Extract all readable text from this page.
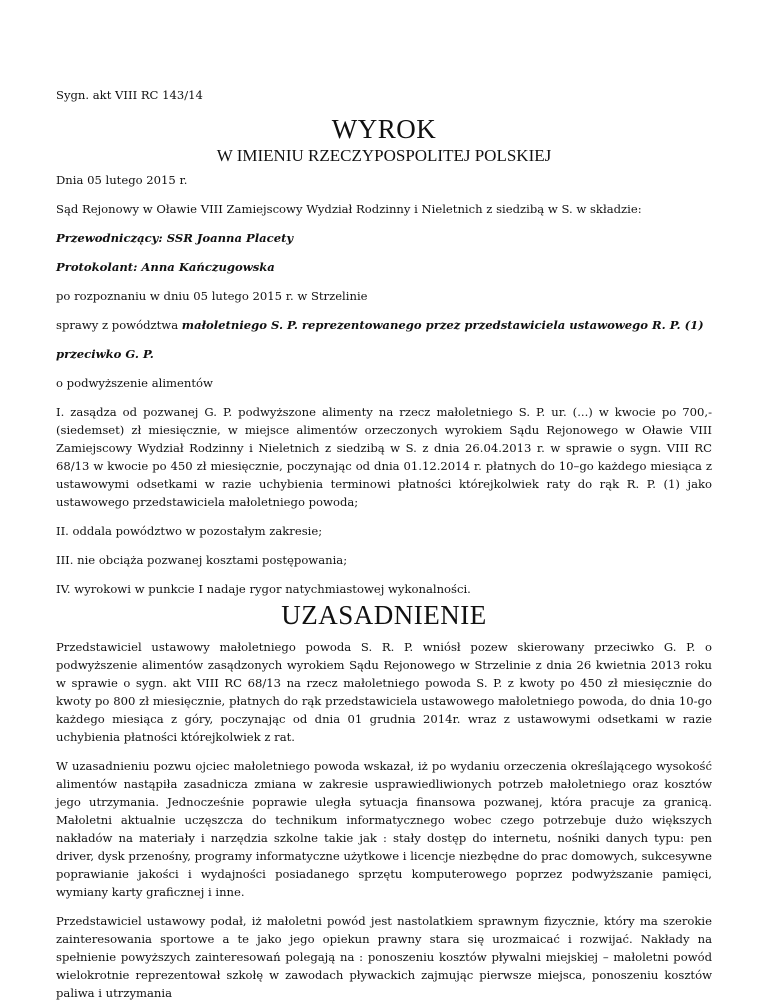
Sygn. akt VIII RC 143/14

WYROK
W IMIENIU RZECZYPOSPOLITEJ POLSKIEJ

Dnia 05 lutego 2015 r.

Sąd Rejonowy w Oławie VIII Zamiejscowy Wydział Rodzinny i Nieletnich z siedzibą w S. w składzie:

Przewodniczący: SSR Joanna Placety

Protokolant: Anna Kańczugowska

po rozpoznaniu w dniu 05 lutego 2015 r. w Strzelinie

sprawy z powództwa małoletniego S. P. reprezentowanego przez przedstawiciela ustawowego R. P. (1)

przeciwko G. P.

o podwyższenie alimentów

I. zasądza od pozwanej G. P. podwyższone alimenty na rzecz małoletniego S. P. ur. (...) w kwocie po 700,- (siedemset) zł miesięcznie, w miejsce alimentów orzeczonych wyrokiem Sądu Rejonowego w Oławie VIII Zamiejscowy Wydział Rodzinny i Nieletnich z siedzibą w S. z dnia 26.04.2013 r. w sprawie o sygn. VIII RC 68/13 w kwocie po 450 zł miesięcznie, poczynając od dnia 01.12.2014 r. płatnych do 10–go każdego miesiąca z ustawowymi odsetkami w razie uchybienia terminowi płatności którejkolwiek raty do rąk R. P. (1) jako ustawowego przedstawiciela małoletniego powoda;

II. oddala powództwo w pozostałym zakresie;

III. nie obciąża pozwanej kosztami postępowania;

IV. wyrokowi w punkcie I nadaje rygor natychmiastowej wykonalności.

UZASADNIENIE

Przedstawiciel ustawowy małoletniego powoda S. R. P. wniósł pozew skierowany przeciwko G. P. o podwyższenie alimentów zasądzonych wyrokiem Sądu Rejonowego w Strzelinie z dnia 26 kwietnia 2013 roku w sprawie o sygn. akt VIII RC 68/13 na rzecz małoletniego powoda S. P. z kwoty po 450 zł miesięcznie do kwoty po 800 zł miesięcznie, płatnych do rąk przedstawiciela ustawowego małoletniego powoda, do dnia 10-go każdego miesiąca z góry, poczynając od dnia 01 grudnia 2014r. wraz z ustawowymi odsetkami w razie uchybienia płatności którejkolwiek z rat.

W uzasadnieniu pozwu ojciec małoletniego powoda wskazał, iż po wydaniu orzeczenia określającego wysokość alimentów nastąpiła zasadnicza zmiana w zakresie usprawiedliwionych potrzeb małoletniego oraz kosztów jego utrzymania. Jednocześnie poprawie uległa sytuacja finansowa pozwanej, która pracuje za granicą. Małoletni aktualnie uczęszcza do technikum informatycznego wobec czego potrzebuje dużo większych nakładów na materiały i narzędzia szkolne takie jak : stały dostęp do internetu, nośniki danych typu: pen driver, dysk przenośny, programy informatyczne użytkowe i licencje niezbędne do prac domowych, sukcesywne poprawianie jakości i wydajności posiadanego sprzętu komputerowego poprzez podwyższanie pamięci, wymiany karty graficznej i inne.

Przedstawiciel ustawowy podał, iż małoletni powód jest nastolatkiem sprawnym fizycznie, który ma szerokie zainteresowania sportowe a te jako jego opiekun prawny stara się urozmaicać i rozwijać. Nakłady na spełnienie powyższych zainteresowań polegają na : ponoszeniu kosztów pływalni miejskiej – małoletni powód wielokrotnie reprezentował szkołę w zawodach pływackich zajmując pierwsze miejsca, ponoszeniu kosztów paliwa i utrzymania
